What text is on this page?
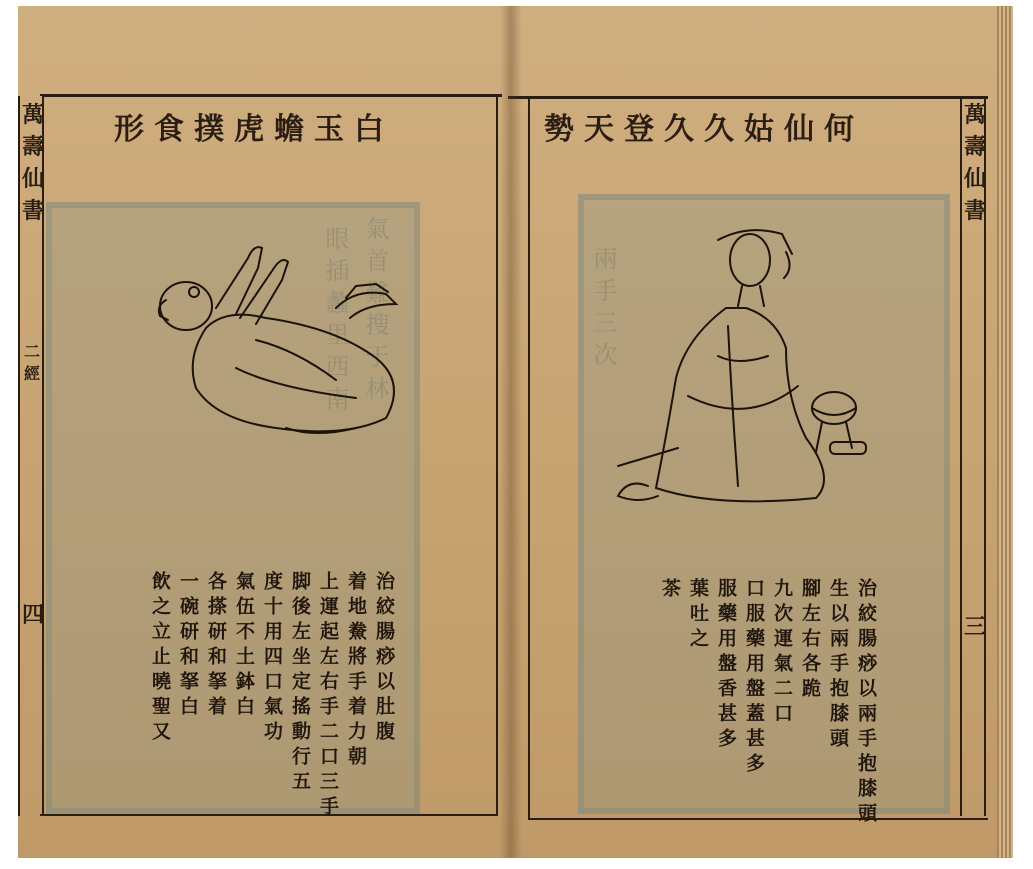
氣首難搜于林
眼插蠡里西南
萬
壽
仙
書
二
經
四
白玉蟾虎撲食形
治絞腸痧以肚腹
着地鮝將手着力朝
上運起左右手二口三手
脚後左坐定搖動行五
度十用四口氣功
氣伍不土鉢白
各搽研和拏着
一碗研和拏白
飲之立止曉聖又
兩手三次
萬
壽
仙
書
三
何仙姑久久登天勢
治絞腸痧以兩手抱膝頭
生以兩手抱膝頭
腳左右各跪
九次運氣二口
口服藥用盤蓋甚多
服藥用盤香甚多
葉吐之
茶
